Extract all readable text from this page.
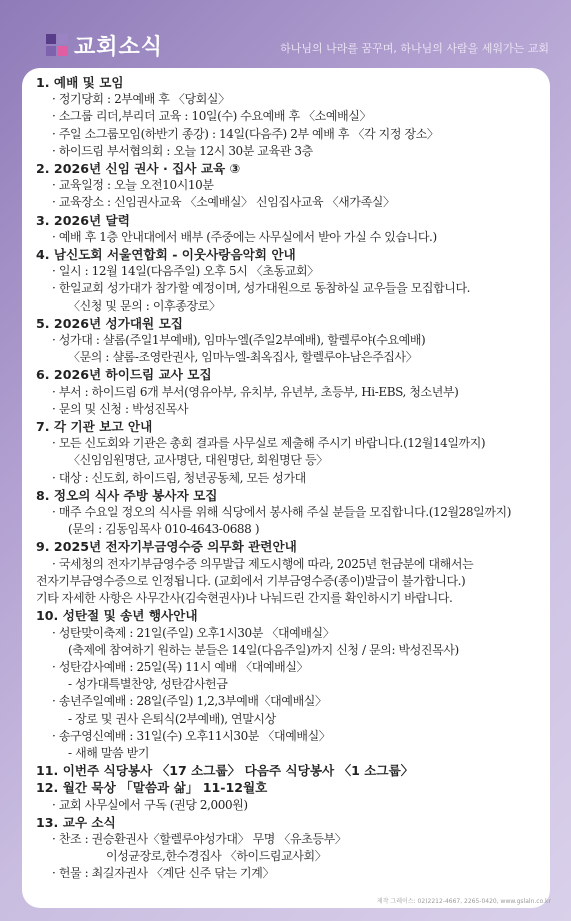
교회소식	하나님의 나라를 꿈꾸며, 하나님의 사람을 세워가는 교회
1. 예배 및 모임
· 정기당회 : 2부예배 후 〈당회실〉
· 소그룹 리더,부리더 교육 : 10일(수) 수요예배 후 〈소예배실〉
· 주일 소그룹모임(하반기 종강) : 14일(다음주) 2부 예배 후 〈각 지정 장소〉
· 하이드림 부서협의회 : 오늘 12시 30분 교육관 3층
2. 2026년 신임 권사 · 집사 교육 ③
· 교육일정 : 오늘 오전10시10분
· 교육장소 : 신임권사교육 〈소예배실〉 신임집사교육 〈새가족실〉
3. 2026년 달력
· 예배 후 1층 안내대에서 배부 (주중에는 사무실에서 받아 가실 수 있습니다.)
4. 남신도회 서울연합회 - 이웃사랑음악회 안내
· 일시 : 12월 14일(다음주일) 오후 5시 〈초동교회〉
· 한일교회 성가대가 참가할 예정이며, 성가대원으로 동참하실 교우들을 모집합니다.
〈신청 및 문의 : 이후종장로〉
5. 2026년 성가대원 모집
· 성가대 : 샬롬(주일1부예배), 임마누엘(주일2부예배), 할렐루야(수요예배)
〈문의 : 샬롬-조영란권사, 임마누엘-최옥집사, 할렐루야-남은주집사〉
6. 2026년 하이드림 교사 모집
· 부서 : 하이드림 6개 부서(영유아부, 유치부, 유년부, 초등부, Hi-EBS, 청소년부)
· 문의 및 신청 : 박성진목사
7. 각 기관 보고 안내
· 모든 신도회와 기관은 총회 결과를 사무실로 제출해 주시기 바랍니다.(12월14일까지)
〈신임임원명단, 교사명단, 대원명단, 회원명단 등〉
· 대상 : 신도회, 하이드림, 청년공동체, 모든 성가대
8. 정오의 식사 주방 봉사자 모집
· 매주 수요일 정오의 식사를 위해 식당에서 봉사해 주실 분들을 모집합니다.(12월28일까지)
(문의 : 김동임목사 010-4643-0688 )
9. 2025년 전자기부금영수증 의무화 관련안내
· 국세청의 전자기부금영수증 의무발급 제도시행에 따라, 2025년 헌금분에 대해서는
전자기부금영수증으로 인정됩니다. (교회에서 기부금영수증(종이)발급이 불가합니다.)
기타 자세한 사항은 사무간사(김숙현권사)나 나눠드린 간지를 확인하시기 바랍니다.
10. 성탄절 및 송년 행사안내
· 성탄맞이축제 : 21일(주일) 오후1시30분 〈대예배실〉
(축제에 참여하기 원하는 분들은 14일(다음주일)까지 신청 / 문의: 박성진목사)
· 성탄감사예배 : 25일(목) 11시 예배 〈대예배실〉
- 성가대특별찬양, 성탄감사헌금
· 송년주일예배 : 28일(주일) 1,2,3부예배〈대예배실〉
- 장로 및 권사 은퇴식(2부예배), 연말시상
· 송구영신예배 : 31일(수) 오후11시30분 〈대예배실〉
- 새해 말씀 받기
11. 이번주 식당봉사 〈17 소그룹〉 다음주 식당봉사 〈1 소그룹〉
12. 월간 묵상 「말씀과 삶」 11-12월호
· 교회 사무실에서 구독 (권당 2,000원)
13. 교우 소식
· 찬조 : 권승환권사〈할렐루야성가대〉 무명 〈유초등부〉
이성균장로,한수경집사 〈하이드림교사회〉
· 헌물 : 최길자권사 〈계단 신주 닦는 기계〉
제작 그레이스: 02)2212-4667, 2265-0420, www.gslaln.co.kr
